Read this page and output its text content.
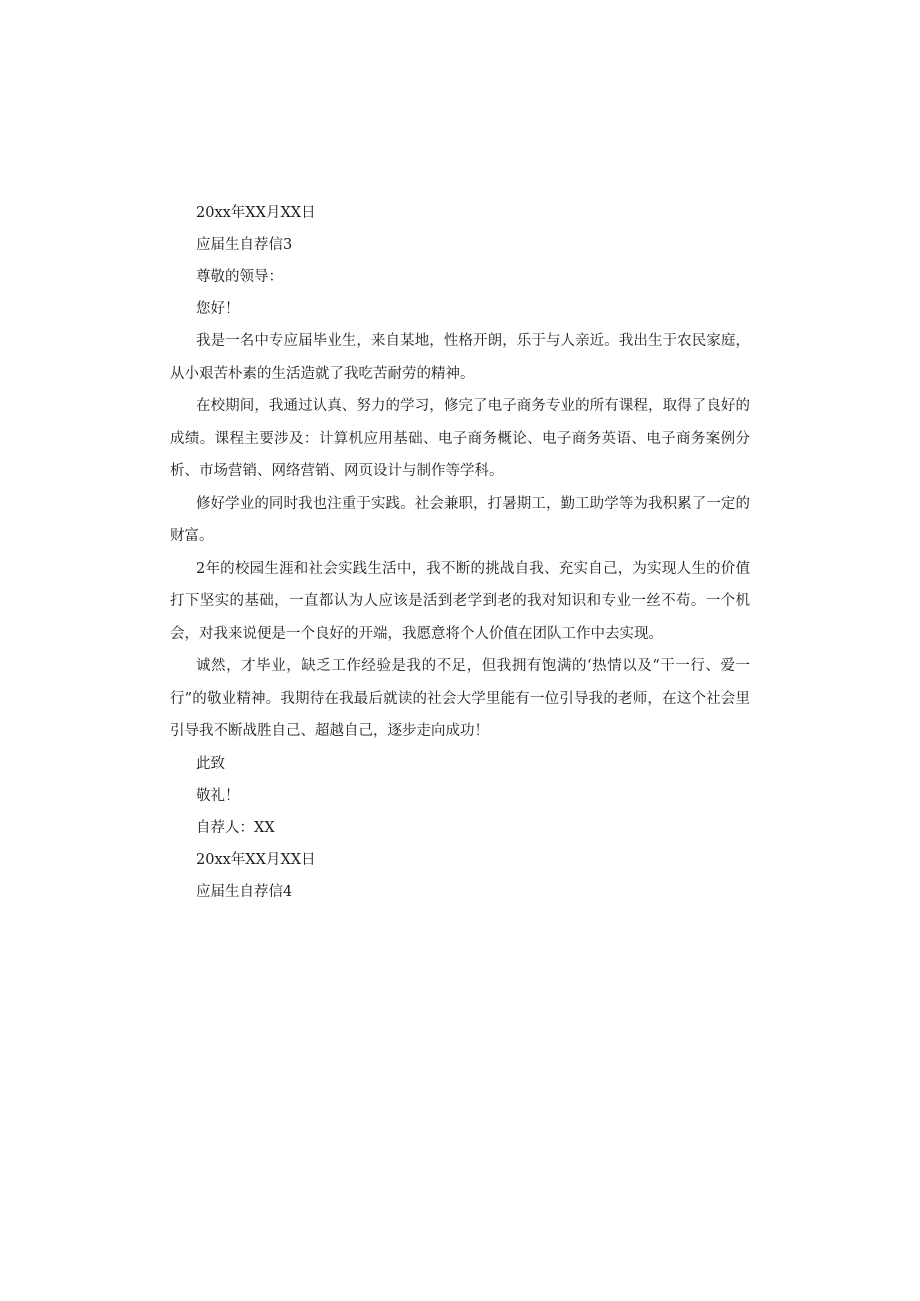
20xx年XX月XX日

应届生自荐信3

尊敬的领导：

您好！

我是一名中专应届毕业生，来自某地，性格开朗，乐于与人亲近。我出生于农民家庭，从小艰苦朴素的生活造就了我吃苦耐劳的精神。

在校期间，我通过认真、努力的学习，修完了电子商务专业的所有课程，取得了良好的成绩。课程主要涉及：计算机应用基础、电子商务概论、电子商务英语、电子商务案例分析、市场营销、网络营销、网页设计与制作等学科。

修好学业的同时我也注重于实践。社会兼职，打暑期工，勤工助学等为我积累了一定的财富。

2年的校园生涯和社会实践生活中，我不断的挑战自我、充实自己，为实现人生的价值打下坚实的基础，一直都认为人应该是活到老学到老的我对知识和专业一丝不苟。一个机会，对我来说便是一个良好的开端，我愿意将个人价值在团队工作中去实现。

诚然，才毕业，缺乏工作经验是我的不足，但我拥有饱满的‘热情以及“干一行、爱一行”的敬业精神。我期待在我最后就读的社会大学里能有一位引导我的老师，在这个社会里引导我不断战胜自己、超越自己，逐步走向成功！

此致

敬礼！

自荐人：XX

20xx年XX月XX日

应届生自荐信4
